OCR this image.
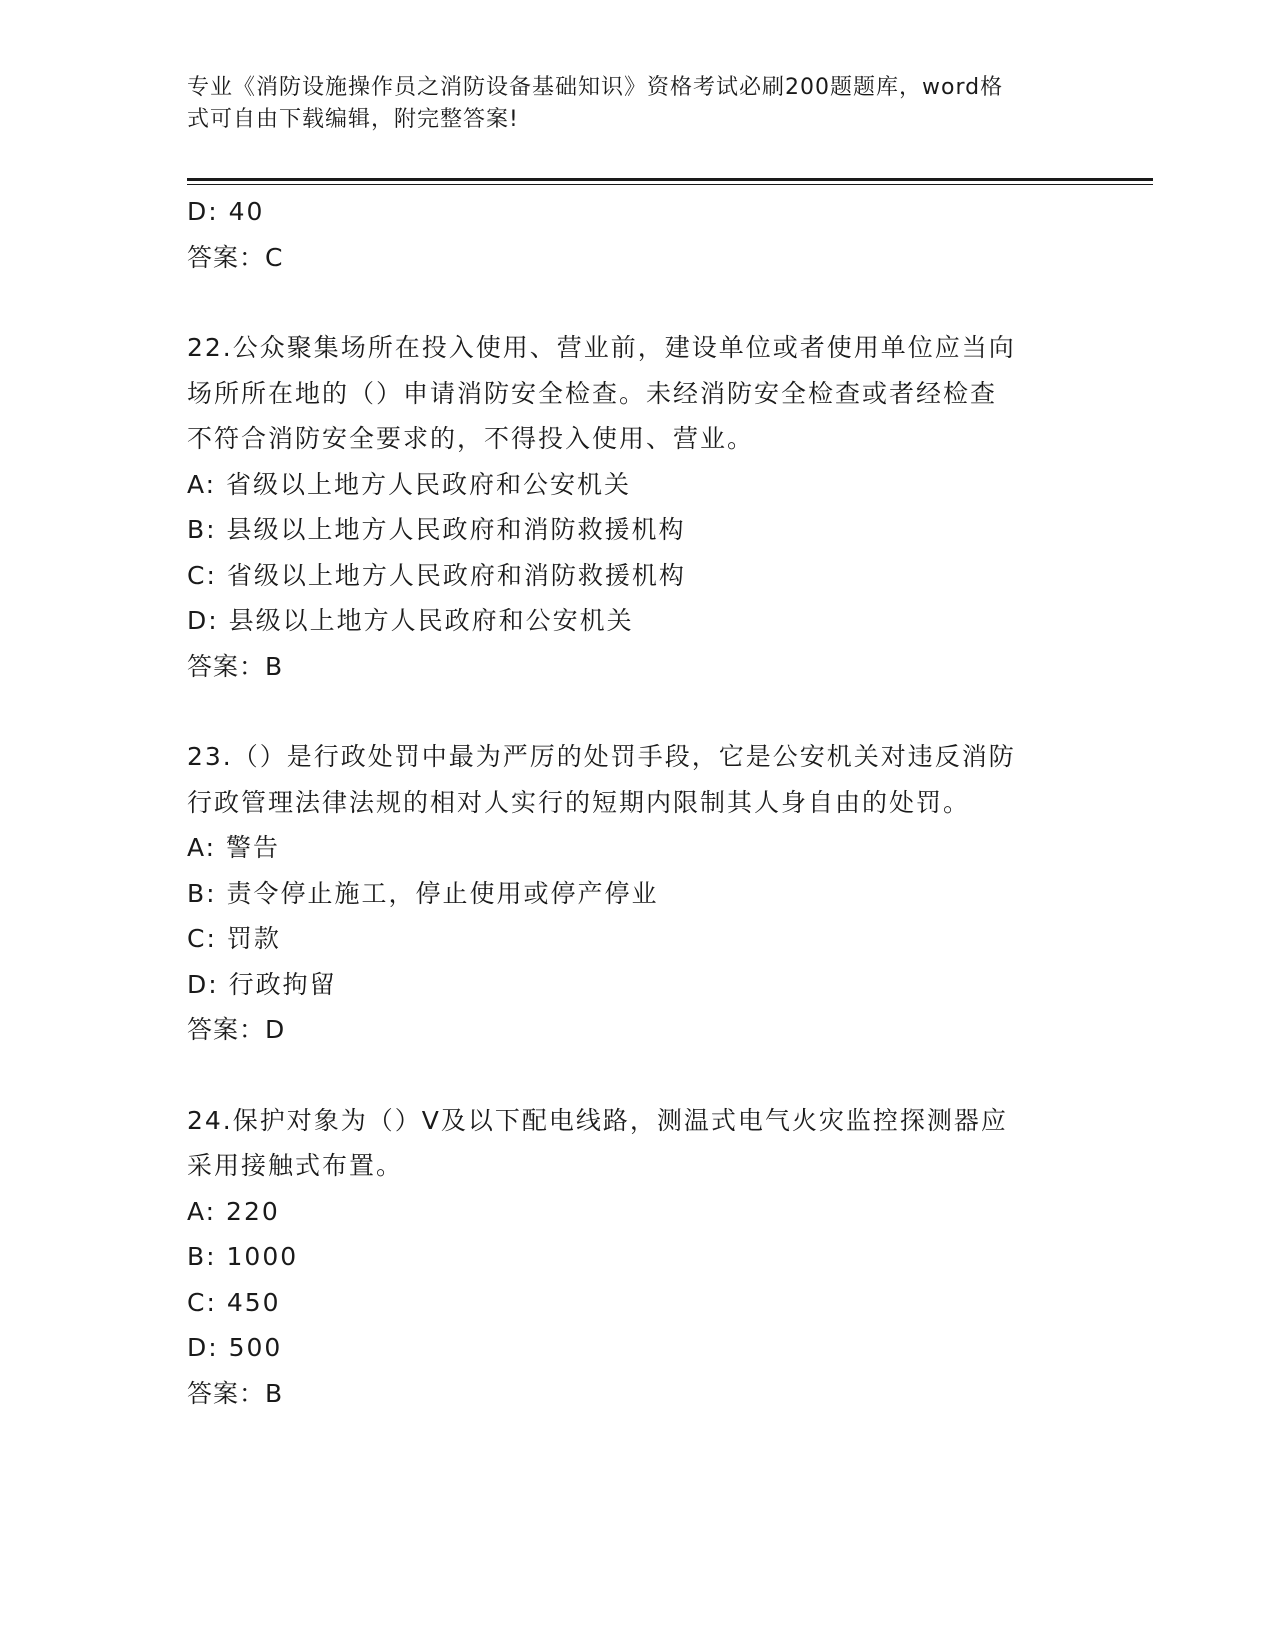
专业《消防设施操作员之消防设备基础知识》资格考试必刷200题题库，word格
式可自由下载编辑，附完整答案!
D: 40
答案：C
22.公众聚集场所在投入使用、营业前，建设单位或者使用单位应当向
场所所在地的（）申请消防安全检查。未经消防安全检查或者经检查
不符合消防安全要求的，不得投入使用、营业。
A: 省级以上地方人民政府和公安机关
B: 县级以上地方人民政府和消防救援机构
C: 省级以上地方人民政府和消防救援机构
D: 县级以上地方人民政府和公安机关
答案：B
23.（）是行政处罚中最为严厉的处罚手段，它是公安机关对违反消防
行政管理法律法规的相对人实行的短期内限制其人身自由的处罚。
A: 警告
B: 责令停止施工，停止使用或停产停业
C: 罚款
D: 行政拘留
答案：D
24.保护对象为（）V及以下配电线路，测温式电气火灾监控探测器应
采用接触式布置。
A: 220
B: 1000
C: 450
D: 500
答案：B
